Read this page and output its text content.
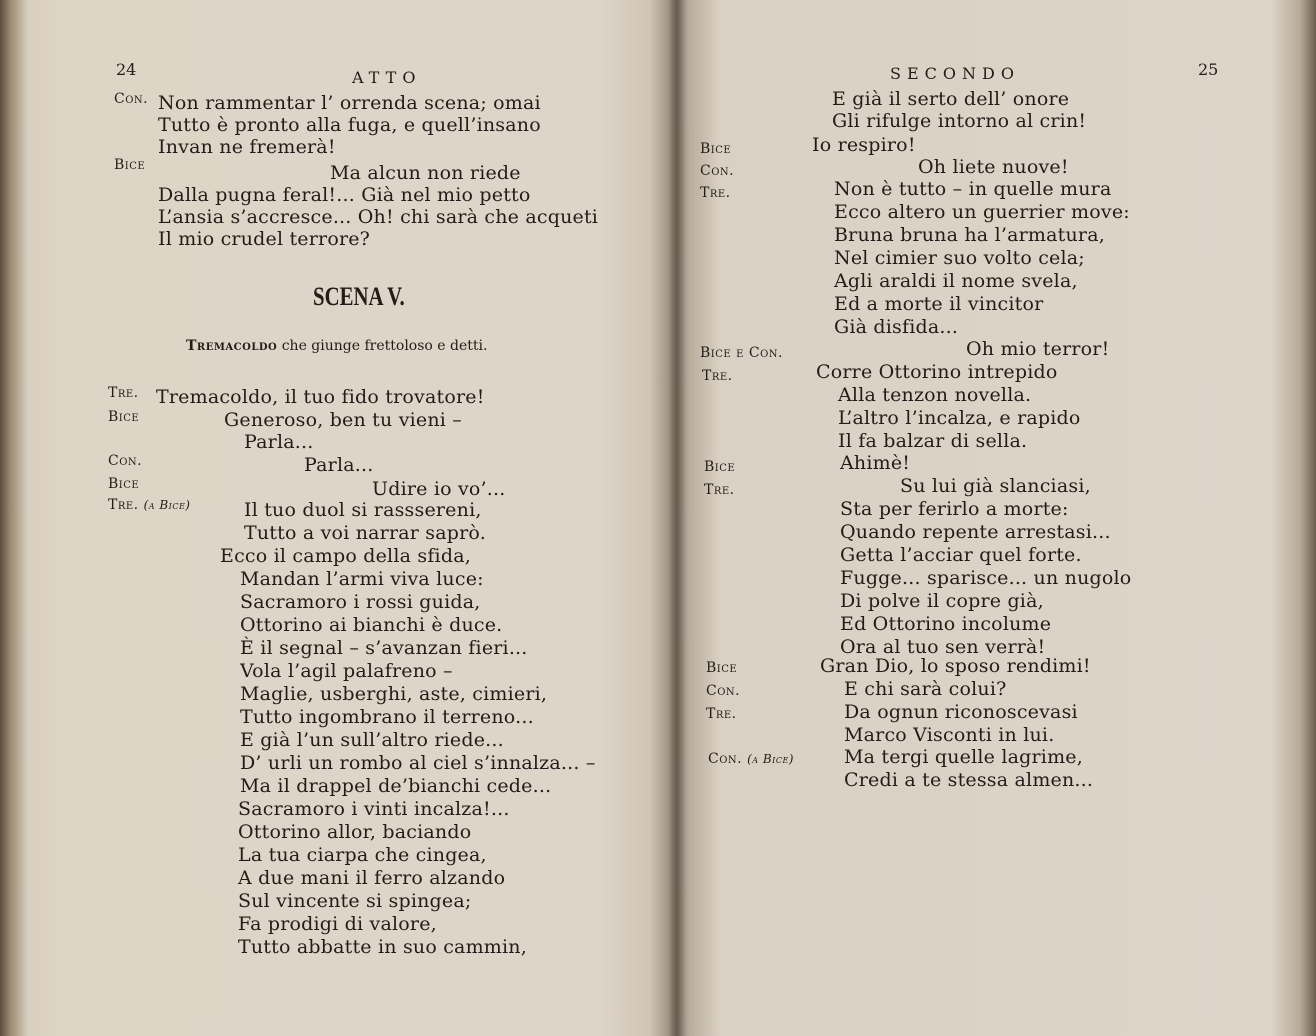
24	ATTO
Con. Non rammentar l’ orrenda scena; omai
Tutto è pronto alla fuga, e quell’insano
Invan ne fremerà!
Bice	Ma alcun non riede
Dalla pugna feral!... Già nel mio petto
L’ansia s’accresce... Oh! chi sarà che acqueti
Il mio crudel terrore?
SCENA V.
Tremacoldo che giunge frettoloso e detti.
Tre. Tremacoldo, il tuo fido trovatore!
Bice	Generoso, ben tu vieni –
Parla...
Con.	Parla...
Bice	Udire io vo’...
Tre. (a Bice)	Il tuo duol si rasssereni,
Tutto a voi narrar saprò.
Ecco il campo della sfida,
Mandan l’armi viva luce:
Sacramoro i rossi guida,
Ottorino ai bianchi è duce.
È il segnal – s’avanzan fieri...
Vola l’agil palafreno –
Maglie, usberghi, aste, cimieri,
Tutto ingombrano il terreno...
E già l’un sull’altro riede...
D’ urli un rombo al ciel s’innalza... –
Ma il drappel de’bianchi cede...
Sacramoro i vinti incalza!...
Ottorino allor, baciando
La tua ciarpa che cingea,
A due mani il ferro alzando
Sul vincente si spingea;
Fa prodigi di valore,
Tutto abbatte in suo cammin,
SECONDO	25
E già il serto dell’ onore
Gli rifulge intorno al crin!
Bice	Io respiro!
Con.	Oh liete nuove!
Tre.	Non è tutto – in quelle mura
Ecco altero un guerrier move:
Bruna bruna ha l’armatura,
Nel cimier suo volto cela;
Agli araldi il nome svela,
Ed a morte il vincitor
Già disfida...
Bice e Con.	Oh mio terror!
Tre.	Corre Ottorino intrepido
Alla tenzon novella.
L’altro l’incalza, e rapido
Il fa balzar di sella.
Bice	Ahimè!
Tre.	Su lui già slanciasi,
Sta per ferirlo a morte:
Quando repente arrestasi...
Getta l’acciar quel forte.
Fugge... sparisce... un nugolo
Di polve il copre già,
Ed Ottorino incolume
Ora al tuo sen verrà!
Bice	Gran Dio, lo sposo rendimi!
Con.	E chi sarà colui?
Tre.	Da ognun riconoscevasi
Marco Visconti in lui.
Con. (a Bice)	Ma tergi quelle lagrime,
Credi a te stessa almen...
